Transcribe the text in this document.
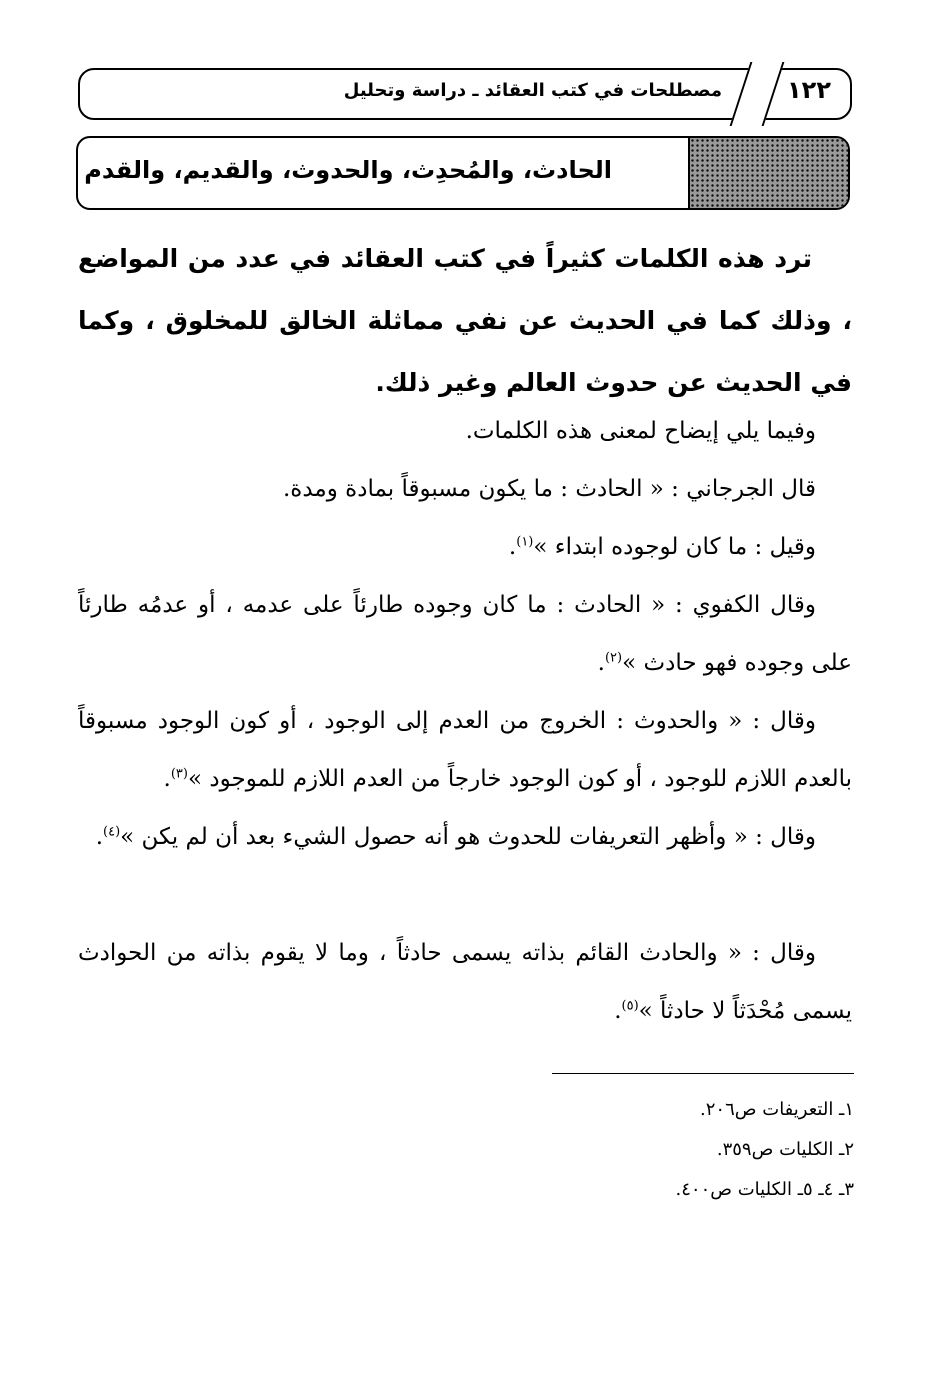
١٢٢
مصطلحات في كتب العقائد ـ دراسة وتحليل
الحادث، والمُحدِث، والحدوث، والقديم، والقدم
ترد هذه الكلمات كثيراً في كتب العقائد في عدد من المواضع ، وذلك كما في الحديث عن نفي مماثلة الخالق للمخلوق ، وكما في الحديث عن حدوث العالم وغير ذلك.
وفيما يلي إيضاح لمعنى هذه الكلمات.
قال الجرجاني : « الحادث : ما يكون مسبوقاً بمادة ومدة.
وقيل : ما كان لوجوده ابتداء »$^{(١)}$.
وقال الكفوي : « الحادث : ما كان وجوده طارئاً على عدمه ، أو عدمُه طارئاً على وجوده فهو حادث »$^{(٢)}$.
وقال : « والحدوث : الخروج من العدم إلى الوجود ، أو كون الوجود مسبوقاً بالعدم اللازم للوجود ، أو كون الوجود خارجاً من العدم اللازم للموجود »$^{(٣)}$.
وقال : « وأظهر التعريفات للحدوث هو أنه حصول الشيء بعد أن لم يكن »$^{(٤)}$.
وقال : « والحادث القائم بذاته يسمى حادثاً ، وما لا يقوم بذاته من الحوادث يسمى مُحْدَثاً لا حادثاً »$^{(٥)}$.
١ـ التعريفات ص٢٠٦.
٢ـ الكليات ص٣٥٩.
٣ـ ٤ـ ٥ـ الكليات ص٤٠٠.
